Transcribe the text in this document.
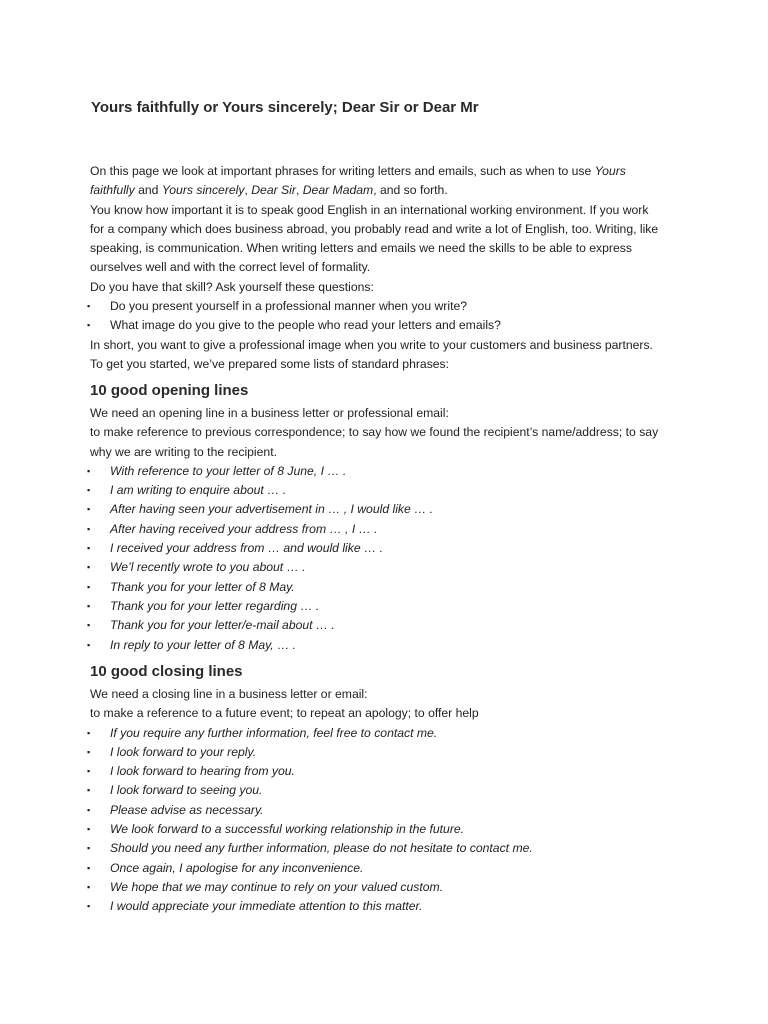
Yours faithfully or Yours sincerely; Dear Sir or Dear Mr

On this page we look at important phrases for writing letters and emails, such as when to use Yours

faithfully and Yours sincerely, Dear Sir, Dear Madam, and so forth.

You know how important it is to speak good English in an international working environment. If you work

for a company which does business abroad, you probably read and write a lot of English, too. Writing, like

speaking, is communication. When writing letters and emails we need the skills to be able to express

ourselves well and with the correct level of formality.

Do you have that skill? Ask yourself these questions:

▪ Do you present yourself in a professional manner when you write?
▪ What image do you give to the people who read your letters and emails?

In short, you want to give a professional image when you write to your customers and business partners.

To get you started, we’ve prepared some lists of standard phrases:

10 good opening lines

We need an opening line in a business letter or professional email:

to make reference to previous correspondence; to say how we found the recipient’s name/address; to say

why we are writing to the recipient.

▪ With reference to your letter of 8 June, I … .
▪ I am writing to enquire about … .
▪ After having seen your advertisement in … , I would like … .
▪ After having received your address from … , I … .
▪ I received your address from … and would like … .
▪ We’l recently wrote to you about … .
▪ Thank you for your letter of 8 May.
▪ Thank you for your letter regarding … .
▪ Thank you for your letter/e-mail about … .
▪ In reply to your letter of 8 May, … .
10 good closing lines

We need a closing line in a business letter or email:

to make a reference to a future event; to repeat an apology; to offer help

▪ If you require any further information, feel free to contact me.
▪ I look forward to your reply.
▪ I look forward to hearing from you.
▪ I look forward to seeing you.
▪ Please advise as necessary.
▪ We look forward to a successful working relationship in the future.
▪ Should you need any further information, please do not hesitate to contact me.
▪ Once again, I apologise for any inconvenience.
▪ We hope that we may continue to rely on your valued custom.
▪ I would appreciate your immediate attention to this matter.
